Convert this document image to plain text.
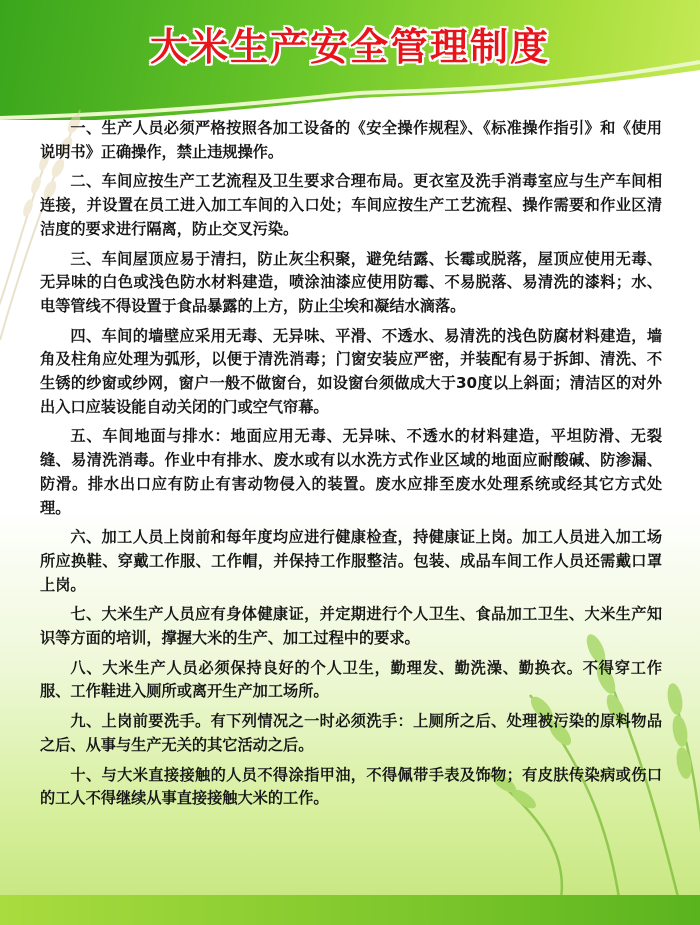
大米生产安全管理制度

一、生产人员必须严格按照各加工设备的《安全操作规程》、《标准操作指引》和《使用说明书》正确操作，禁止违规操作。

二、车间应按生产工艺流程及卫生要求合理布局。更衣室及洗手消毒室应与生产车间相连接，并设置在员工进入加工车间的入口处；车间应按生产工艺流程、操作需要和作业区清洁度的要求进行隔离，防止交叉污染。

三、车间屋顶应易于清扫，防止灰尘积聚，避免结露、长霉或脱落，屋顶应使用无毒、无异味的白色或浅色防水材料建造，喷涂油漆应使用防霉、不易脱落、易清洗的漆料；水、电等管线不得设置于食品暴露的上方，防止尘埃和凝结水滴落。

四、车间的墙壁应采用无毒、无异味、平滑、不透水、易清洗的浅色防腐材料建造，墙角及柱角应处理为弧形，以便于清洗消毒；门窗安装应严密，并装配有易于拆卸、清洗、不生锈的纱窗或纱网，窗户一般不做窗台，如设窗台须做成大于30度以上斜面；清洁区的对外出入口应装设能自动关闭的门或空气帘幕。

五、车间地面与排水：地面应用无毒、无异味、不透水的材料建造，平坦防滑、无裂缝、易清洗消毒。作业中有排水、废水或有以水洗方式作业区域的地面应耐酸碱、防渗漏、防滑。排水出口应有防止有害动物侵入的装置。废水应排至废水处理系统或经其它方式处理。

六、加工人员上岗前和每年度均应进行健康检查，持健康证上岗。加工人员进入加工场所应换鞋、穿戴工作服、工作帽，并保持工作服整洁。包装、成品车间工作人员还需戴口罩上岗。

七、大米生产人员应有身体健康证，并定期进行个人卫生、食品加工卫生、大米生产知识等方面的培训，撑握大米的生产、加工过程中的要求。

八、大米生产人员必须保持良好的个人卫生，勤理发、勤洗澡、勤换衣。不得穿工作服、工作鞋进入厕所或离开生产加工场所。

九、上岗前要洗手。有下列情况之一时必须洗手：上厕所之后、处理被污染的原料物品之后、从事与生产无关的其它活动之后。

十、与大米直接接触的人员不得涂指甲油，不得佩带手表及饰物；有皮肤传染病或伤口的工人不得继续从事直接接触大米的工作。
